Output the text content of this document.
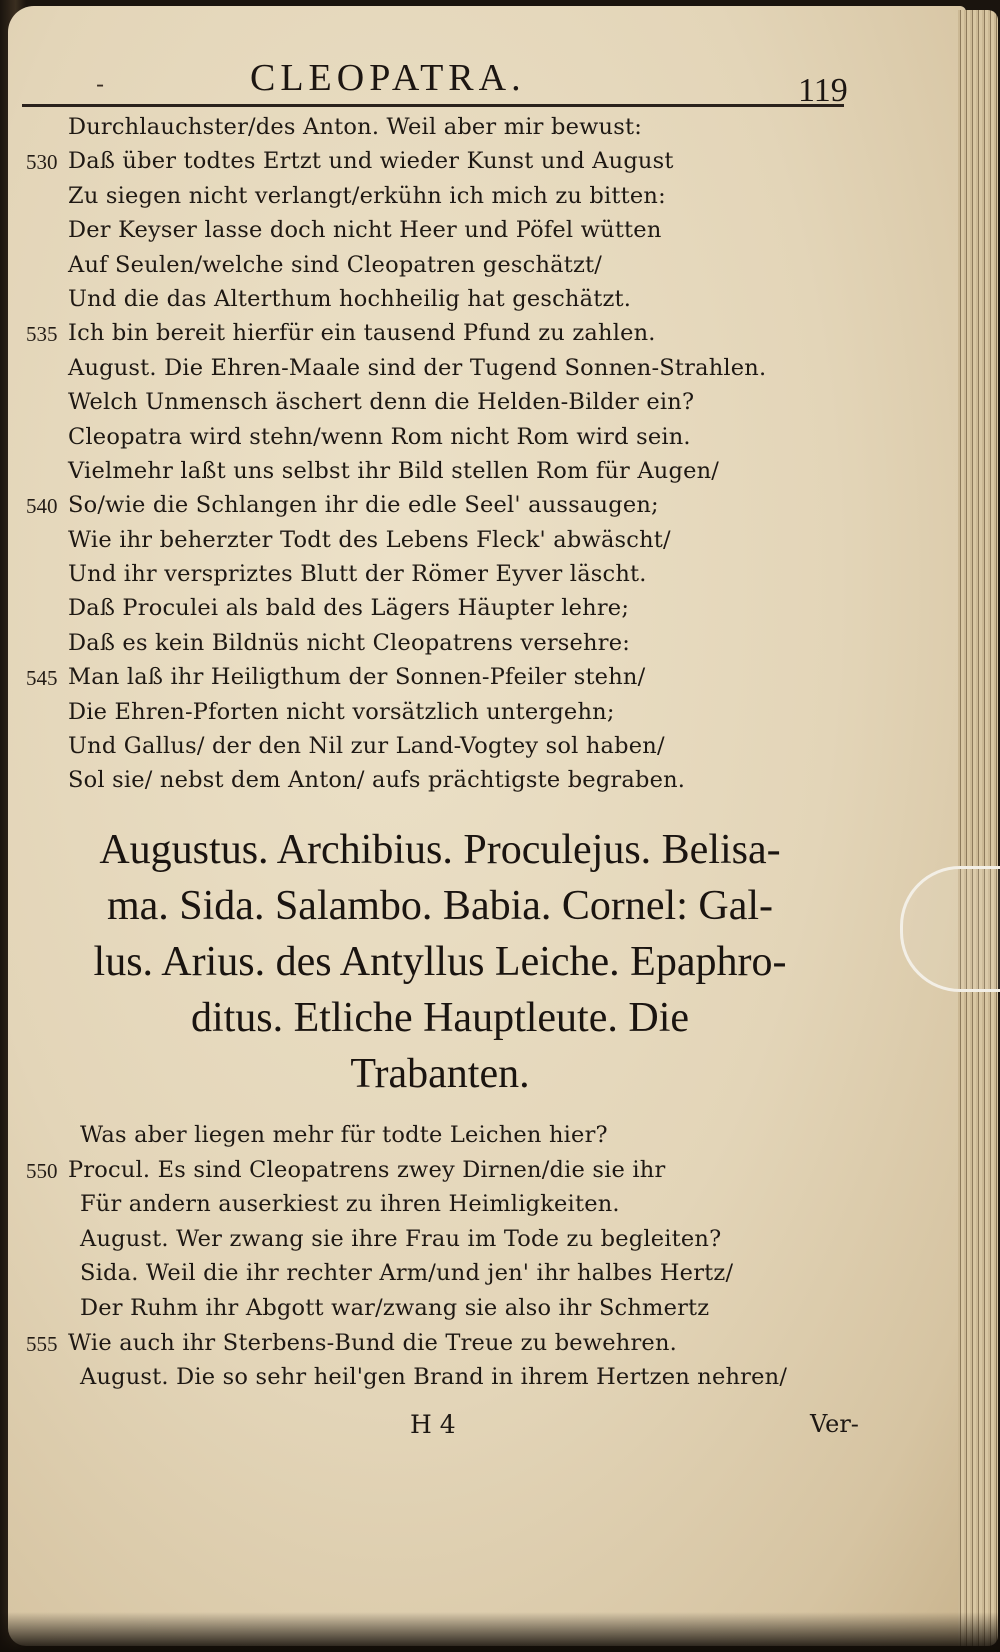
-	CLEOPATRA.	119
Durchlauchster/des Anton. Weil aber mir bewust:
530 Daß über todtes Ertzt und wieder Kunst und August
Zu siegen nicht verlangt/erkühn ich mich zu bitten:
Der Keyser lasse doch nicht Heer und Pöfel wütten
Auf Seulen/welche sind Cleopatren geschätzt/
Und die das Alterthum hochheilig hat geschätzt.
535 Ich bin bereit hierfür ein tausend Pfund zu zahlen.
August. Die Ehren-Maale sind der Tugend Sonnen-Strahlen.
Welch Unmensch äschert denn die Helden-Bilder ein?
Cleopatra wird stehn/wenn Rom nicht Rom wird sein.
Vielmehr laßt uns selbst ihr Bild stellen Rom für Augen/
540 So/wie die Schlangen ihr die edle Seel' aussaugen;
Wie ihr beherzter Todt des Lebens Fleck' abwäscht/
Und ihr verspriztes Blutt der Römer Eyver läscht.
Daß Proculei als bald des Lägers Häupter lehre;
Daß es kein Bildnüs nicht Cleopatrens versehre:
545 Man laß ihr Heiligthum der Sonnen-Pfeiler stehn/
Die Ehren-Pforten nicht vorsätzlich untergehn;
Und Gallus/ der den Nil zur Land-Vogtey sol haben/
Sol sie/ nebst dem Anton/ aufs prächtigste begraben.
Augustus. Archibius. Proculejus. Belisa-
ma. Sida. Salambo. Babia. Cornel: Gal-
lus. Arius. des Antyllus Leiche. Epaphro-
ditus. Etliche Hauptleute. Die
Trabanten.
Was aber liegen mehr für todte Leichen hier?
550 Procul. Es sind Cleopatrens zwey Dirnen/die sie ihr
Für andern auserkiest zu ihren Heimligkeiten.
August. Wer zwang sie ihre Frau im Tode zu begleiten?
Sida. Weil die ihr rechter Arm/und jen' ihr halbes Hertz/
Der Ruhm ihr Abgott war/zwang sie also ihr Schmertz
555 Wie auch ihr Sterbens-Bund die Treue zu bewehren.
August. Die so sehr heil'gen Brand in ihrem Hertzen nehren/
H 4	Ver-
